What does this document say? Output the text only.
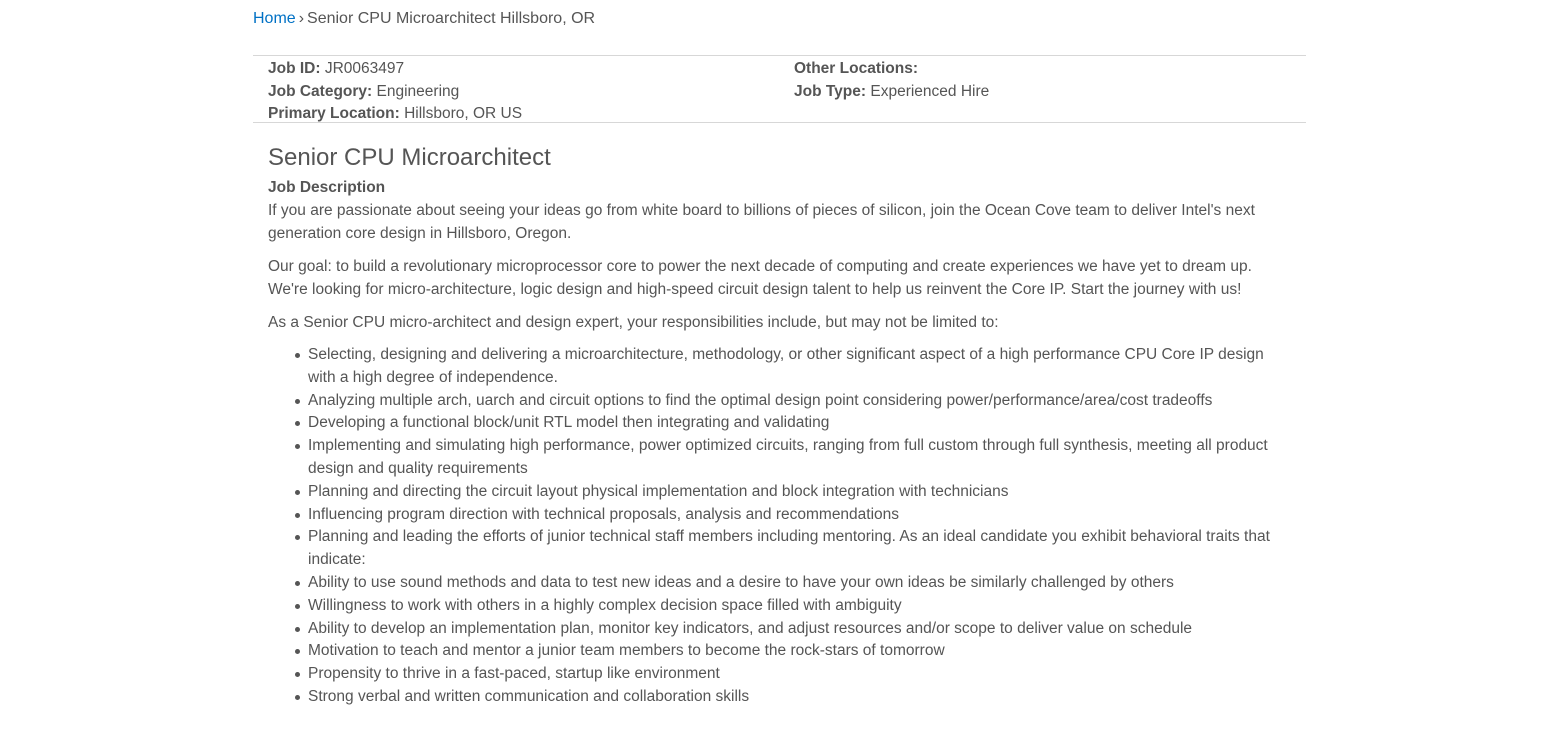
Home › Senior CPU Microarchitect Hillsboro, OR
Job ID: JR0063497
Job Category: Engineering
Primary Location: Hillsboro, OR US
Other Locations:
Job Type: Experienced Hire
Senior CPU Microarchitect
Job Description

If you are passionate about seeing your ideas go from white board to billions of pieces of silicon, join the Ocean Cove team to deliver Intel's next generation core design in Hillsboro, Oregon.

Our goal: to build a revolutionary microprocessor core to power the next decade of computing and create experiences we have yet to dream up. We're looking for micro-architecture, logic design and high-speed circuit design talent to help us reinvent the Core IP. Start the journey with us!

As a Senior CPU micro-architect and design expert, your responsibilities include, but may not be limited to:

Selecting, designing and delivering a microarchitecture, methodology, or other significant aspect of a high performance CPU Core IP design with a high degree of independence.
Analyzing multiple arch, uarch and circuit options to find the optimal design point considering power/performance/area/cost tradeoffs
Developing a functional block/unit RTL model then integrating and validating
Implementing and simulating high performance, power optimized circuits, ranging from full custom through full synthesis, meeting all product design and quality requirements
Planning and directing the circuit layout physical implementation and block integration with technicians
Influencing program direction with technical proposals, analysis and recommendations
Planning and leading the efforts of junior technical staff members including mentoring. As an ideal candidate you exhibit behavioral traits that indicate:
Ability to use sound methods and data to test new ideas and a desire to have your own ideas be similarly challenged by others
Willingness to work with others in a highly complex decision space filled with ambiguity
Ability to develop an implementation plan, monitor key indicators, and adjust resources and/or scope to deliver value on schedule
Motivation to teach and mentor a junior team members to become the rock-stars of tomorrow
Propensity to thrive in a fast-paced, startup like environment
Strong verbal and written communication and collaboration skills
